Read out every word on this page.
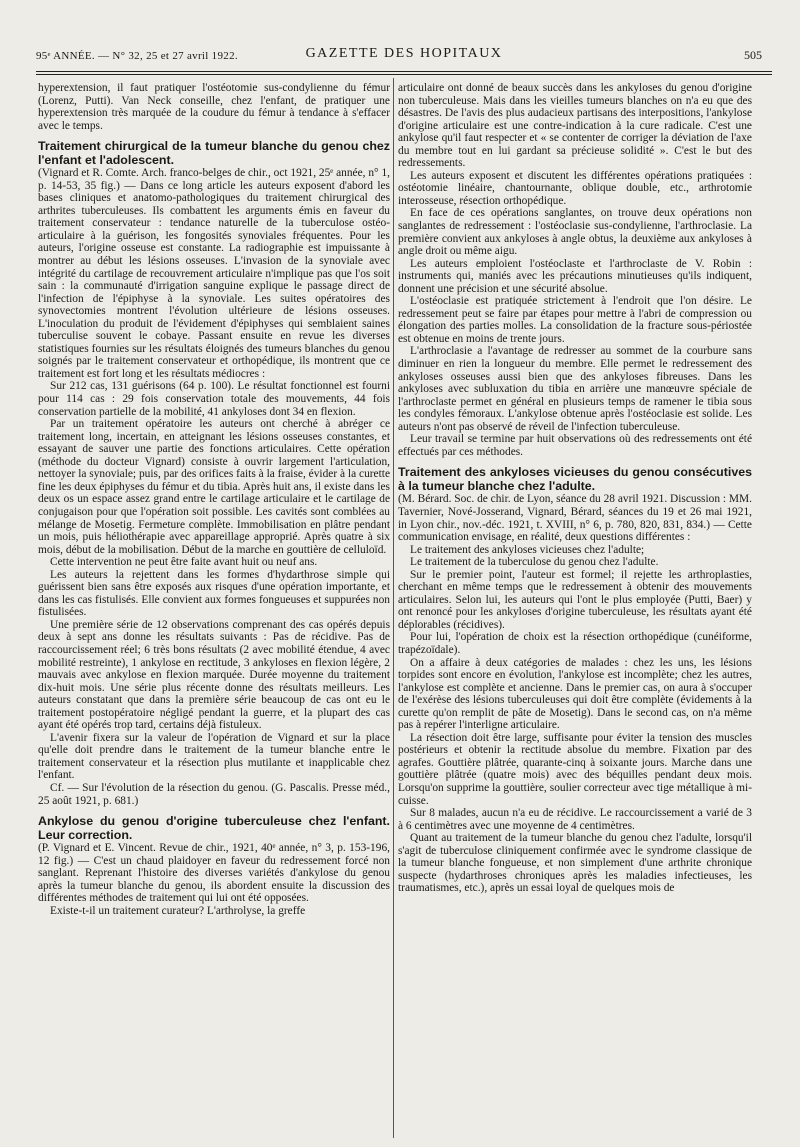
95ᵉ ANNÉE. — N° 32, 25 et 27 avril 1922.	GAZETTE DES HOPITAUX	505

hyperextension, il faut pratiquer l'ostéotomie sus-condylienne du fémur (Lorenz, Putti). Van Neck conseille, chez l'enfant, de pratiquer une hyperextension très marquée de la coudure du fémur à tendance à s'effacer avec le temps.

Traitement chirurgical de la tumeur blanche du genou chez l'enfant et l'adolescent.

(Vignard et R. Comte. Arch. franco-belges de chir., oct 1921, 25ᵉ année, n° 1, p. 14-53, 35 fig.) — Dans ce long article les auteurs exposent d'abord les bases cliniques et anatomo-pathologiques du traitement chirurgical des arthrites tuberculeuses. Ils combattent les arguments émis en faveur du traitement conservateur : tendance naturelle de la tuberculose ostéo-articulaire à la guérison, les fongosités synoviales fréquentes. Pour les auteurs, l'origine osseuse est constante. La radiographie est impuissante à montrer au début les lésions osseuses. L'invasion de la synoviale avec intégrité du cartilage de recouvrement articulaire n'implique pas que l'os soit sain : la communauté d'irrigation sanguine explique le passage direct de l'infection de l'épiphyse à la synoviale. Les suites opératoires des synovectomies montrent l'évolution ultérieure de lésions osseuses. L'inoculation du produit de l'évidement d'épiphyses qui semblaient saines tuberculise souvent le cobaye. Passant ensuite en revue les diverses statistiques fournies sur les résultats éloignés des tumeurs blanches du genou soignés par le traitement conservateur et orthopédique, ils montrent que ce traitement est fort long et les résultats médiocres :

Sur 212 cas, 131 guérisons (64 p. 100). Le résultat fonctionnel est fourni pour 114 cas : 29 fois conservation totale des mouvements, 44 fois conservation partielle de la mobilité, 41 ankyloses dont 34 en flexion.

Par un traitement opératoire les auteurs ont cherché à abréger ce traitement long, incertain, en atteignant les lésions osseuses constantes, et essayant de sauver une partie des fonctions articulaires. Cette opération (méthode du docteur Vignard) consiste à ouvrir largement l'articulation, nettoyer la synoviale; puis, par des orifices faits à la fraise, évider à la curette fine les deux épiphyses du fémur et du tibia. Après huit ans, il existe dans les deux os un espace assez grand entre le cartilage articulaire et le cartilage de conjugaison pour que l'opération soit possible. Les cavités sont comblées au mélange de Mosetig. Fermeture complète. Immobilisation en plâtre pendant un mois, puis héliothérapie avec appareillage approprié. Après quatre à six mois, début de la mobilisation. Début de la marche en gouttière de celluloïd.

Cette intervention ne peut être faite avant huit ou neuf ans.

Les auteurs la rejettent dans les formes d'hydarthrose simple qui guérissent bien sans être exposés aux risques d'une opération importante, et dans les cas fistulisés. Elle convient aux formes fongueuses et suppurées non fistulisées.

Une première série de 12 observations comprenant des cas opérés depuis deux à sept ans donne les résultats suivants : Pas de récidive. Pas de raccourcissement réel; 6 très bons résultats (2 avec mobilité étendue, 4 avec mobilité restreinte), 1 ankylose en rectitude, 3 ankyloses en flexion légère, 2 mauvais avec ankylose en flexion marquée. Durée moyenne du traitement dix-huit mois. Une série plus récente donne des résultats meilleurs. Les auteurs constatant que dans la première série beaucoup de cas ont eu le traitement postopératoire négligé pendant la guerre, et la plupart des cas ayant été opérés trop tard, certains déjà fistuleux.

L'avenir fixera sur la valeur de l'opération de Vignard et sur la place qu'elle doit prendre dans le traitement de la tumeur blanche entre le traitement conservateur et la résection plus mutilante et inapplicable chez l'enfant.

Cf. — Sur l'évolution de la résection du genou. (G. Pascalis. Presse méd., 25 août 1921, p. 681.)

Ankylose du genou d'origine tuberculeuse chez l'enfant. Leur correction.

(P. Vignard et E. Vincent. Revue de chir., 1921, 40ᵉ année, n° 3, p. 153-196, 12 fig.) — C'est un chaud plaidoyer en faveur du redressement forcé non sanglant. Reprenant l'histoire des diverses variétés d'ankylose du genou après la tumeur blanche du genou, ils abordent ensuite la discussion des différentes méthodes de traitement qui lui ont été opposées.

Existe-t-il un traitement curateur? L'arthrolyse, la greffe

articulaire ont donné de beaux succès dans les ankyloses du genou d'origine non tuberculeuse. Mais dans les vieilles tumeurs blanches on n'a eu que des désastres. De l'avis des plus audacieux partisans des interpositions, l'ankylose d'origine articulaire est une contre-indication à la cure radicale. C'est une ankylose qu'il faut respecter et « se contenter de corriger la déviation de l'axe du membre tout en lui gardant sa précieuse solidité ». C'est le but des redressements.

Les auteurs exposent et discutent les différentes opérations pratiquées : ostéotomie linéaire, chantournante, oblique double, etc., arthrotomie interosseuse, résection orthopédique.

En face de ces opérations sanglantes, on trouve deux opérations non sanglantes de redressement : l'ostéoclasie sus-condylienne, l'arthroclasie. La première convient aux ankyloses à angle obtus, la deuxième aux ankyloses à angle droit ou même aigu.

Les auteurs emploient l'ostéoclaste et l'arthroclaste de V. Robin : instruments qui, maniés avec les précautions minutieuses qu'ils indiquent, donnent une précision et une sécurité absolue.

L'ostéoclasie est pratiquée strictement à l'endroit que l'on désire. Le redressement peut se faire par étapes pour mettre à l'abri de compression ou élongation des parties molles. La consolidation de la fracture sous-périostée est obtenue en moins de trente jours.

L'arthroclasie a l'avantage de redresser au sommet de la courbure sans diminuer en rien la longueur du membre. Elle permet le redressement des ankyloses osseuses aussi bien que des ankyloses fibreuses. Dans les ankyloses avec subluxation du tibia en arrière une manœuvre spéciale de l'arthroclaste permet en général en plusieurs temps de ramener le tibia sous les condyles fémoraux. L'ankylose obtenue après l'ostéoclasie est solide. Les auteurs n'ont pas observé de réveil de l'infection tuberculeuse.

Leur travail se termine par huit observations où des redressements ont été effectués par ces méthodes.

Traitement des ankyloses vicieuses du genou consécutives à la tumeur blanche chez l'adulte.

(M. Bérard. Soc. de chir. de Lyon, séance du 28 avril 1921. Discussion : MM. Tavernier, Nové-Josserand, Vignard, Bérard, séances du 19 et 26 mai 1921, in Lyon chir., nov.-déc. 1921, t. XVIII, n° 6, p. 780, 820, 831, 834.) — Cette communication envisage, en réalité, deux questions différentes :

Le traitement des ankyloses vicieuses chez l'adulte;

Le traitement de la tuberculose du genou chez l'adulte.

Sur le premier point, l'auteur est formel; il rejette les arthroplasties, cherchant en même temps que le redressement à obtenir des mouvements articulaires. Selon lui, les auteurs qui l'ont le plus employée (Putti, Baer) y ont renoncé pour les ankyloses d'origine tuberculeuse, les résultats ayant été déplorables (récidives).

Pour lui, l'opération de choix est la résection orthopédique (cunéiforme, trapézoïdale).

On a affaire à deux catégories de malades : chez les uns, les lésions torpides sont encore en évolution, l'ankylose est incomplète; chez les autres, l'ankylose est complète et ancienne. Dans le premier cas, on aura à s'occuper de l'exérèse des lésions tuberculeuses qui doit être complète (évidements à la curette qu'on remplit de pâte de Mosetig). Dans le second cas, on n'a même pas à repérer l'interligne articulaire.

La résection doit être large, suffisante pour éviter la tension des muscles postérieurs et obtenir la rectitude absolue du membre. Fixation par des agrafes. Gouttière plâtrée, quarante-cinq à soixante jours. Marche dans une gouttière plâtrée (quatre mois) avec des béquilles pendant deux mois. Lorsqu'on supprime la gouttière, soulier correcteur avec tige métallique à mi-cuisse.

Sur 8 malades, aucun n'a eu de récidive. Le raccourcissement a varié de 3 à 6 centimètres avec une moyenne de 4 centimètres.

Quant au traitement de la tumeur blanche du genou chez l'adulte, lorsqu'il s'agit de tuberculose cliniquement confirmée avec le syndrome classique de la tumeur blanche fongueuse, et non simplement d'une arthrite chronique suspecte (hydarthroses chroniques après les maladies infectieuses, les traumatismes, etc.), après un essai loyal de quelques mois de
